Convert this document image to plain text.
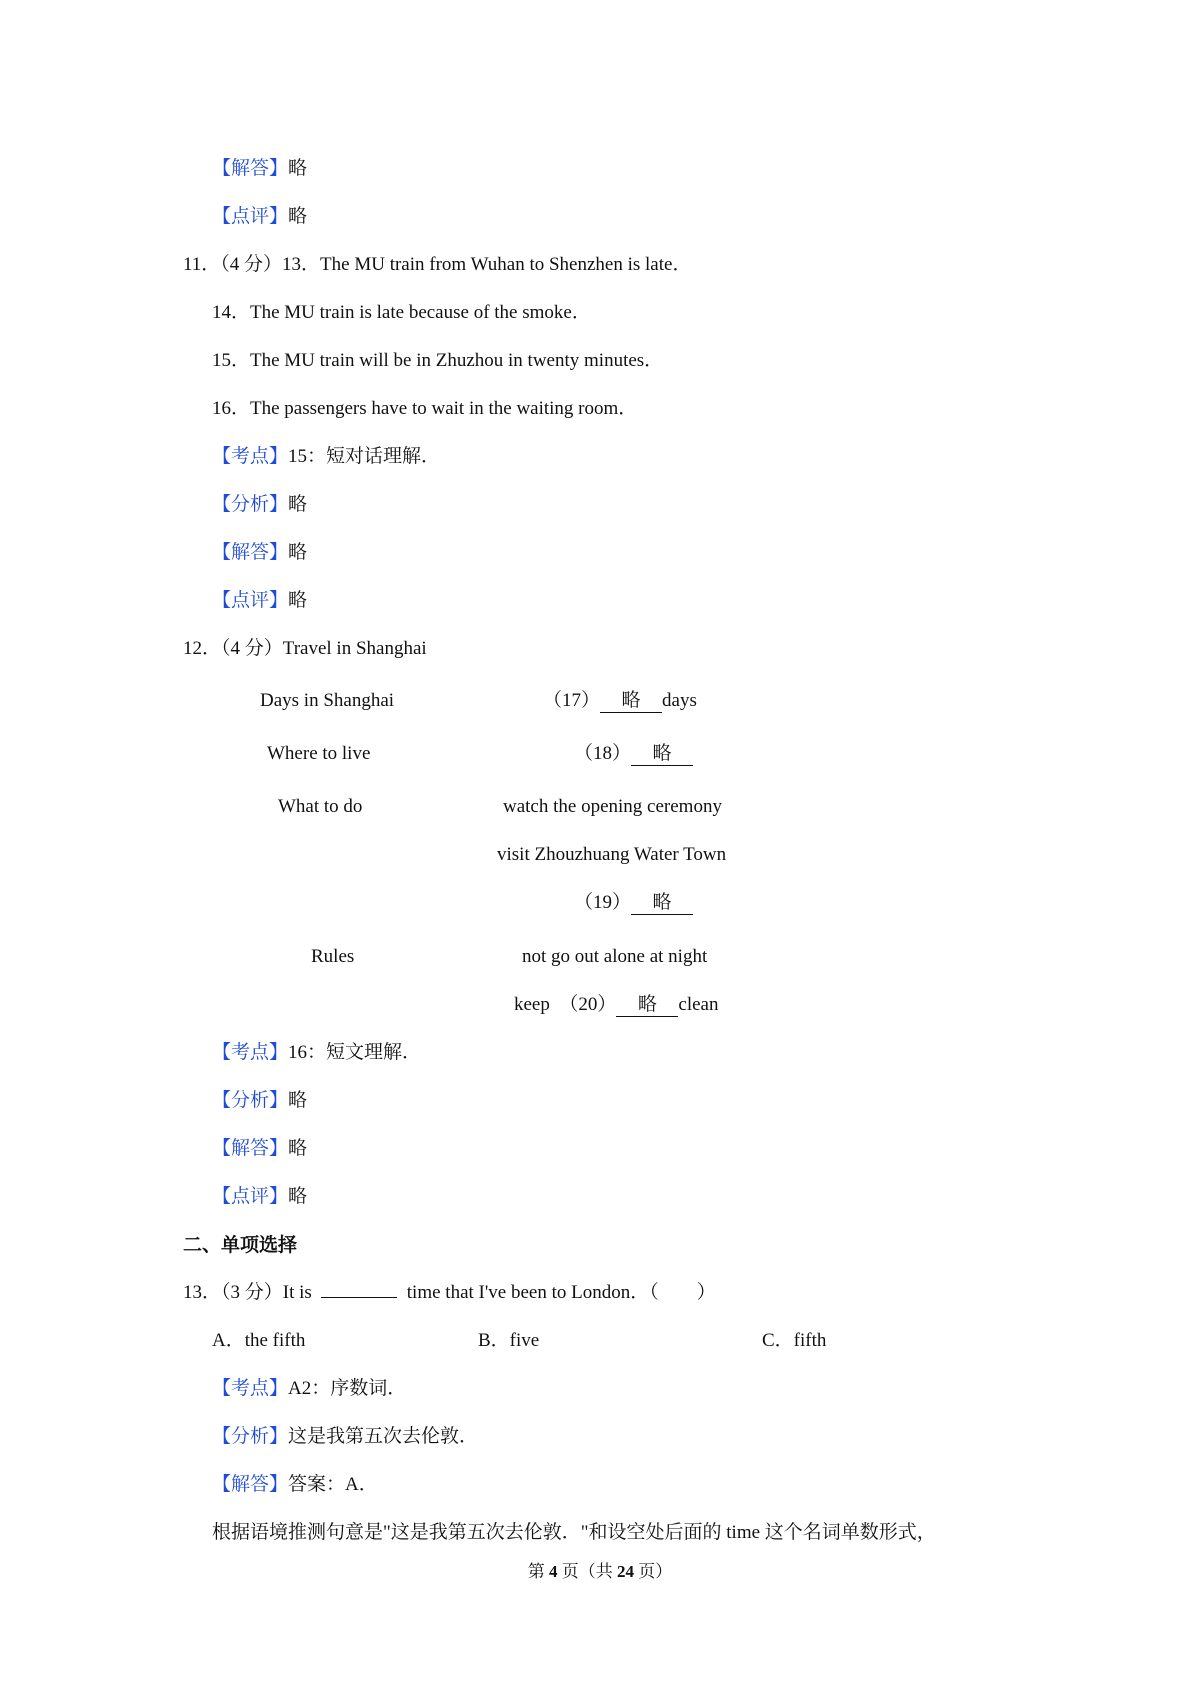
【解答】略
【点评】略
11．（4 分）13．The MU train from Wuhan to Shenzhen is late．
14．The MU train is late because of the smoke．
15．The MU train will be in Zhuzhou in twenty minutes．
16．The passengers have to wait in the waiting room．
【考点】15：短对话理解．
【分析】略
【解答】略
【点评】略
12．（4 分）Travel in Shanghai
Days in Shanghai	（17） 略 days
Where to live	（18） 略
What to do	watch the opening ceremony
visit Zhouzhuang Water Town
（19） 略
Rules	not go out alone at night
keep （20） 略 clean
【考点】16：短文理解．
【分析】略
【解答】略
【点评】略
二、单项选择
13．（3 分）It is	time that I've been to London．（　　）
A．the fifth	B．five	C．fifth
【考点】A2：序数词．
【分析】这是我第五次去伦敦．
【解答】答案：A．
根据语境推测句意是"这是我第五次去伦敦．"和设空处后面的 time 这个名词单数形式，
第 4 页（共 24 页）
